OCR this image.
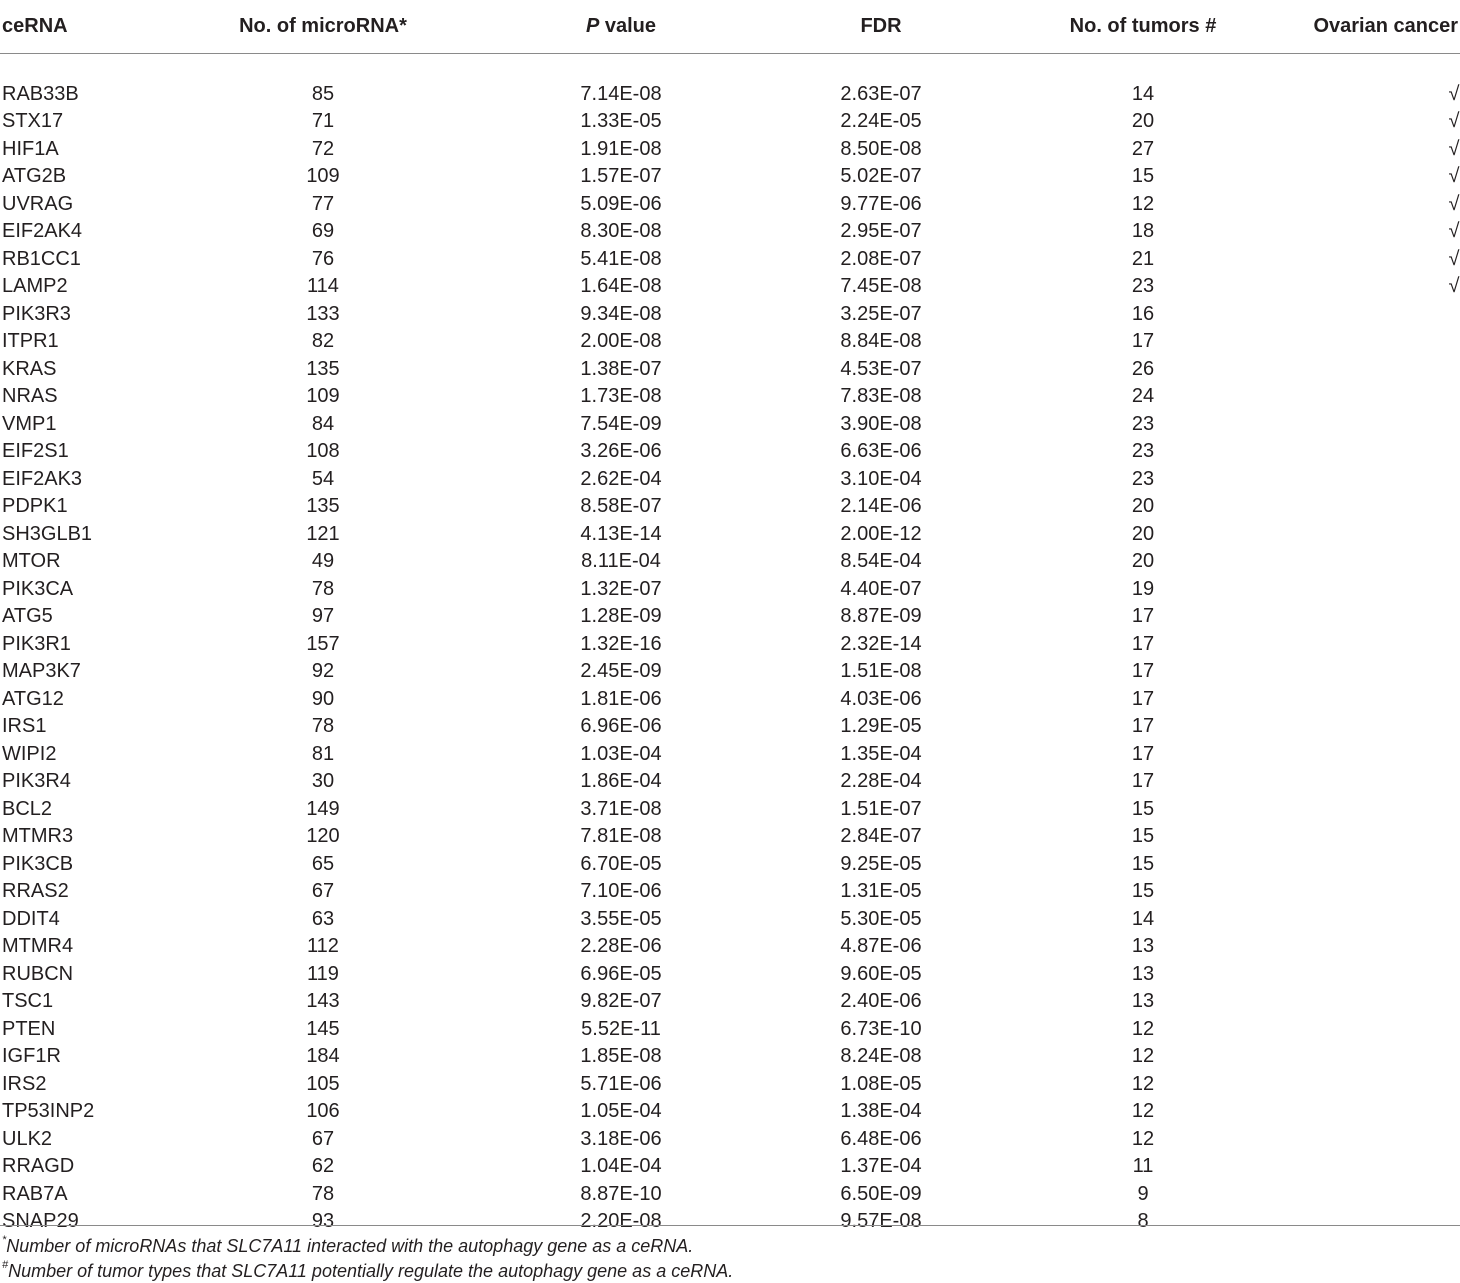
ceRNA	No. of microRNA*	P value	FDR	No. of tumors #	Ovarian cancer

RAB33B	85	7.14E-08	2.63E-07	14	√
STX17	71	1.33E-05	2.24E-05	20	√
HIF1A	72	1.91E-08	8.50E-08	27	√
ATG2B	109	1.57E-07	5.02E-07	15	√
UVRAG	77	5.09E-06	9.77E-06	12	√
EIF2AK4	69	8.30E-08	2.95E-07	18	√
RB1CC1	76	5.41E-08	2.08E-07	21	√
LAMP2	114	1.64E-08	7.45E-08	23	√
PIK3R3	133	9.34E-08	3.25E-07	16	
ITPR1	82	2.00E-08	8.84E-08	17	
KRAS	135	1.38E-07	4.53E-07	26	
NRAS	109	1.73E-08	7.83E-08	24	
VMP1	84	7.54E-09	3.90E-08	23	
EIF2S1	108	3.26E-06	6.63E-06	23	
EIF2AK3	54	2.62E-04	3.10E-04	23	
PDPK1	135	8.58E-07	2.14E-06	20	
SH3GLB1	121	4.13E-14	2.00E-12	20	
MTOR	49	8.11E-04	8.54E-04	20	
PIK3CA	78	1.32E-07	4.40E-07	19	
ATG5	97	1.28E-09	8.87E-09	17	
PIK3R1	157	1.32E-16	2.32E-14	17	
MAP3K7	92	2.45E-09	1.51E-08	17	
ATG12	90	1.81E-06	4.03E-06	17	
IRS1	78	6.96E-06	1.29E-05	17	
WIPI2	81	1.03E-04	1.35E-04	17	
PIK3R4	30	1.86E-04	2.28E-04	17	
BCL2	149	3.71E-08	1.51E-07	15	
MTMR3	120	7.81E-08	2.84E-07	15	
PIK3CB	65	6.70E-05	9.25E-05	15	
RRAS2	67	7.10E-06	1.31E-05	15	
DDIT4	63	3.55E-05	5.30E-05	14	
MTMR4	112	2.28E-06	4.87E-06	13	
RUBCN	119	6.96E-05	9.60E-05	13	
TSC1	143	9.82E-07	2.40E-06	13	
PTEN	145	5.52E-11	6.73E-10	12	
IGF1R	184	1.85E-08	8.24E-08	12	
IRS2	105	5.71E-06	1.08E-05	12	
TP53INP2	106	1.05E-04	1.38E-04	12	
ULK2	67	3.18E-06	6.48E-06	12	
RRAGD	62	1.04E-04	1.37E-04	11	
RAB7A	78	8.87E-10	6.50E-09	9	
SNAP29	93	2.20E-08	9.57E-08	8	
*Number of microRNAs that SLC7A11 interacted with the autophagy gene as a ceRNA.
#Number of tumor types that SLC7A11 potentially regulate the autophagy gene as a ceRNA.
